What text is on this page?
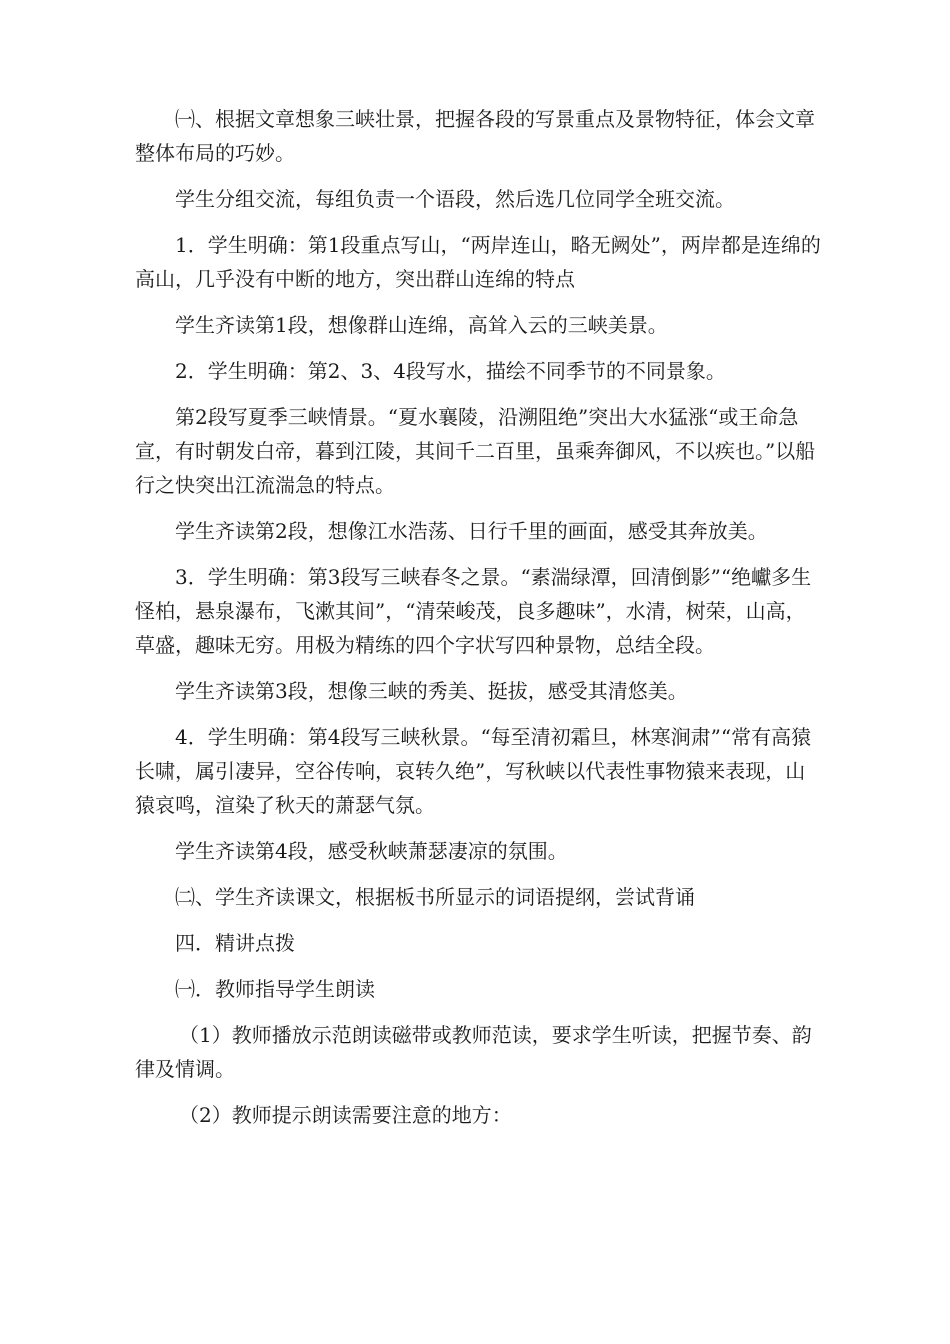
㈠、根据文章想象三峡壮景，把握各段的写景重点及景物特征，体会文章整体布局的巧妙。

学生分组交流，每组负责一个语段，然后选几位同学全班交流。

1．学生明确：第1段重点写山，“两岸连山，略无阙处”，两岸都是连绵的高山，几乎没有中断的地方，突出群山连绵的特点

学生齐读第1段，想像群山连绵，高耸入云的三峡美景。

2．学生明确：第2、3、4段写水，描绘不同季节的不同景象。

第2段写夏季三峡情景。“夏水襄陵，沿溯阻绝”突出大水猛涨“或王命急宣，有时朝发白帝，暮到江陵，其间千二百里，虽乘奔御风，不以疾也。”以船行之快突出江流湍急的特点。

学生齐读第2段，想像江水浩荡、日行千里的画面，感受其奔放美。

3．学生明确：第3段写三峡春冬之景。“素湍绿潭，回清倒影”“绝巘多生怪柏，悬泉瀑布，飞漱其间”，“清荣峻茂，良多趣味”，水清，树荣，山高，草盛，趣味无穷。用极为精练的四个字状写四种景物，总结全段。

学生齐读第3段，想像三峡的秀美、挺拔，感受其清悠美。

4．学生明确：第4段写三峡秋景。“每至清初霜旦，林寒涧肃”“常有高猿长啸，属引凄异，空谷传响，哀转久绝”，写秋峡以代表性事物猿来表现，山猿哀鸣，渲染了秋天的萧瑟气氛。

学生齐读第4段，感受秋峡萧瑟凄凉的氛围。

㈡、学生齐读课文，根据板书所显示的词语提纲，尝试背诵

四．精讲点拨

㈠．教师指导学生朗读

（1）教师播放示范朗读磁带或教师范读，要求学生听读，把握节奏、韵律及情调。

（2）教师提示朗读需要注意的地方：
